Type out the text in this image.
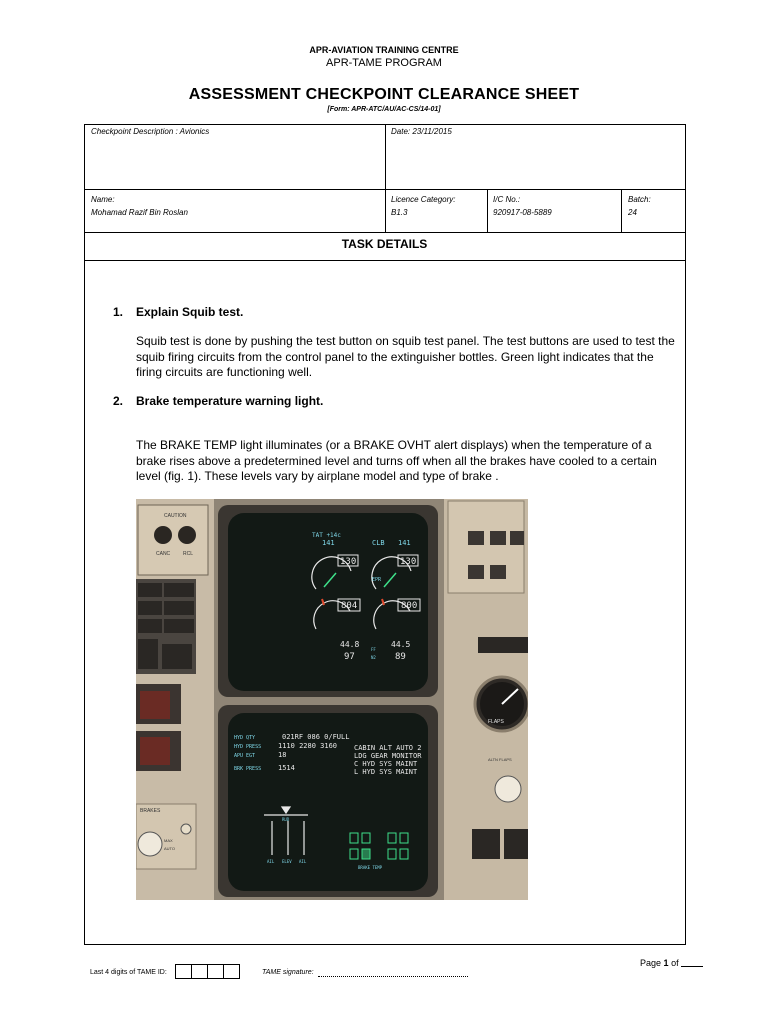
APR-AVIATION TRAINING CENTRE
APR-TAME PROGRAM
ASSESSMENT CHECKPOINT CLEARANCE SHEET
[Form: APR-ATC/AU/AC-CS/14-01]
Checkpoint Description : Avionics	Date: 23/11/2015
Name:
Mohamad Razif Bin Roslan
Licence Category:
B1.3
I/C No.:
920917-08-5889
Batch:
24
TASK DETAILS
1. Explain Squib test.
Squib test is done by pushing the test button on squib test panel. The test buttons are used to test the squib firing circuits from the control panel to the extinguisher bottles. Green light indicates that the firing circuits are functioning well.
2. Brake temperature warning light.
The BRAKE TEMP light illuminates (or a BRAKE OVHT alert displays) when the temperature of a brake rises above a predetermined level and turns off when all the brakes have cooled to a certain level (fig. 1). These levels vary by airplane model and type of brake .
CAUTION
CANC	RCL
BRAKES
MAX
AUTO
TAT +14c
CLB
141	141
130	130
804	800
44.8	44.5
97	89
EPR
FF
N2
HYD QTY
HYD PRESS
APU EGT
BRK PRESS
021RF 086 0/FULL
1110 2280 3160
18
1514
CABIN ALT AUTO 2
LDG GEAR MONITOR
C HYD SYS MAINT
L HYD SYS MAINT
RUD
AIL ELEV AIL
BRAKE TEMP
FLAPS
ALTN FLAPS
Page 1 of
Last 4 digits of TAME ID:	TAME signature:
